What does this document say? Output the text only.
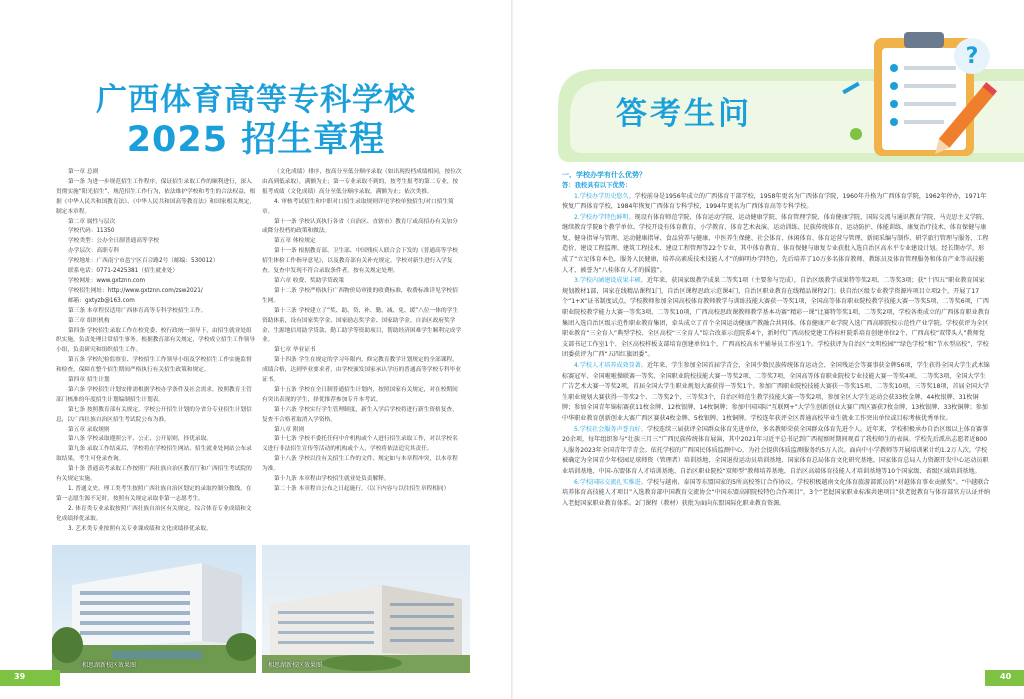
广西体育高等专科学校
2025 招生章程

第一章 总则

第一条 为进一步规范招生工作程序，保证招生录取工作的顺利进行，深入贯彻实施“阳光招生”，规范招生工作行为，依法维护学校和考生的合法权益，根据《中华人民共和国教育法》、《中华人民共和国高等教育法》和国家相关规定，制定本章程。

第二章 属性与层次

学校代码：11350

学校类型：公办全日制普通高等学校

办学层次：高职专科

学校地址：广西南宁市邕宁区百合路2号（邮编：530012）

联系电话：0771-2425381（招生就业处）

学校网址：www.gxtznn.com

学校招生网址：http://www.gxtznn.com/zsw2021/

邮箱：gxtyzb@163.com

第三条 本章程仅适用广西体育高等专科学校招生工作。

第三章 组织机构

第四条 学校招生录取工作在校党委、校行政统一领导下，由招生就业处组织实施，负责处理日常招生事务。根据教育部有关规定，学校成立招生工作领导小组，负责研究和组织招生工作。

第五条 学校纪检监察室、学校招生工作领导小组及学校招生工作实施监督和检查，保障在整个招生期间严格执行有关招生政策和规定。

第四章 招生计划

第六条 学校招生计划安排需根据学校办学条件及社会需求，按照教育主管部门核准的年度招生计划编制招生计划表。

第七条 按照教育部有关规定，学校公开招生计划的分省分专业招生计划信息，以广西壮族自治区招生考试院公布为准。

第五章 录取规则

第八条 学校录取遵照公平、公正、公开原则，择优录取。

第九条 录取工作结束后，学校将在学校招生网站、招生就业处网站公布录取结果，考生可登录查询。

第十条 普通高考录取工作按照广西壮族自治区教育厅和广西招生考试院的有关规定实施。

1. 普通文史、理工类考生按照广西壮族自治区划定的录取控制分数线，在第一志愿生源不足时，按照有关规定录取非第一志愿考生。

2. 体育类专业录取按照广西壮族自治区有关规定，综合体育专业成绩和文化成绩择优录取。

3. 艺术类专业按照有关专业课成绩和文化成绩择优录取。

（文化成绩）排序，按高分至低分顺序录取（如出现投档成绩相同，按位次由高到低录取），满额为止；第一专业录取不到的，按考生报考的第二专业，按报考成绩（文化成绩）高分至低分顺序录取，满额为止；依次类推。

4. 审核考试招生和中职对口招生录取规则详见学校单独招生/对口招生简章。

第十一条 学校认真执行各省（自治区、直辖市）教育厅或高招办有关加分或降分投档的政策和做法。

第五章 体检规定

第十一条 根据教育部、卫生部、中国残疾人联合会下发的《普通高等学校招生体检工作指导意见》，以及教育部有关补充规定，学校对新生进行入学复查。复查中发现不符合录取条件者，按有关规定处理。

第六章 收费、奖助学贷政策

第十二条 学校严格执行广西物价局审批的收费标准，收费标准详见学校招生网。

第十三条 学校建立了“奖、助、贷、补、勤、减、免、缓”八位一体的学生资助体系，设有国家奖学金、国家励志奖学金、国家助学金、自治区政府奖学金、生源地信用助学贷款、勤工助学等资助项目，帮助经济困难学生顺利完成学业。

第七章 毕业证书

第十四条 学生在规定的学习年限内，修完教育教学计划规定的全部课程，成绩合格，达到毕业要求者，由学校颁发国家承认学历的普通高等学校专科毕业证书。

第十五条 学校在全日制普通招生计划内，按照国家有关规定，对在校期间有突出表现的学生，择优推荐参加专升本考试。

第十六条 学校实行学生管理制度，新生入学后学校将进行新生资格复查，复查不合格者取消入学资格。

第八章 附则

第十七条 学校不委托任何中介机构或个人进行招生录取工作，对以学校名义进行非法招生宣传等活动的机构或个人，学校将依法追究其责任。

第十八条 学校以往有关招生工作的文件、规定如与本章程冲突，以本章程为准。

第十九条 本章程由学校招生就业处负责解释。

第二十条 本章程自公布之日起施行。（以下内容与以往招生章程相同）

相思湖新校区效果图	相思湖新校区效果图
39
答考生问
?
一、学校办学有什么优势？
答：我校具有以下优势：

1.学校办学历史悠久。学校前身是1956年成立的广西体育干部学校，1958年更名为广西体育学院，1960年升格为广西体育学院，1962年停办，1971年恢复广西体育学校，1984年恢复广西体育专科学校，1994年更名为广西体育高等专科学校。

2.学校办学特色鲜明。现设有体育师范学院、体育运动学院、运动健康学院、体育管理学院、体育健康学院、国际交流与通识教育学院、马克思主义学院、继续教育学院8个教学单位。学校开设有体育教育、小学教育、体育艺术表演、运动训练、民族传统体育、运动防护、体能训练、康复治疗技术、体育保健与康复、健身指导与管理、运动健康指导、食品营养与健康、中医养生保健、社会体育、休闲体育、体育运营与管理、新闻采编与制作、研学旅行管理与服务、工程造价、建设工程监理、建筑工程技术、建设工程管理等22个专业，其中体育教育、体育保健与康复专业获批入选自治区高水平专业建设计划。经长期办学，形成了“立足体育本色，服务人民健康，培养高素质技术技能人才”的鲜明办学特色，先后培养了10万多名体育教师、教练员及体育管理服务和体育产业等高技能人才，被誉为“八桂体育人才的摇篮”。

3.学校内涵建设成果丰硕。近年来，获国家级教学成果二等奖1项（主要参与完成），自治区级教学成果特等奖2项、二等奖3项；获“十四五”职业教育国家规划教材1部，国家在线精品课程1门，自治区课程思政示范课4门，自治区职业教育在线精品课程2门；获自治区级专业教学资源库项目立项2个，开展了17个“1+X”证书制度试点。学校教师参加全国高校体育教师教学与训练技能大赛获一等奖1项，全国高等体育职业院校教学技能大赛一等奖5项、二等奖6项，广西职业院校教学能力大赛一等奖3项、二等奖10项，广西高校思政课教师教学基本功赛“精彩一课”比赛特等奖1项、二等奖2项，学校各类成立的广西体育职业教育集团入选自治区级示范性职业教育集团，牵头成立了首个全国运动健康产教融合共同体。体育健康产业学院入选广西高职院校示范性产业学院。学校获评为全区职业教育“三全育人”典型学校、全区高校“三全育人”综合改革示范院系4个，新时代广西高校党建工作标杆院系培育创建单位2个、广西高校“双带头人”教师党支部书记工作室1个、全区高校样板支部培育创建单位1个、广西高校高水平辅导员工作室1个。学校获评为自治区“文明校园”“绿色学校”和“节水型高校”，学校团委获评为广西“五四红旗团委”。

4.学校人才培养成效显著。近年来，学生参加全国首届学青会、全国少数民族传统体育运动会、全国残运会等赛事获金牌56项，学生获得全国大学生武术锦标赛冠军、全国啦啦操联赛一等奖、全国职业院校技能大赛一等奖2项、二等奖7项，全国高等体育职业院校专业技能大赛一等奖4项、二等奖3项，全国大学生广告艺术大赛一等奖2项，首届全国大学生职业规划大赛获得一等奖1个。参加广西职业院校技能大赛获一等奖15项、二等奖10项、三等奖18项，首届全国大学生职业规划大赛获得一等奖2个、二等奖2个、三等奖3个，自治区师范生教学技能大赛一等奖2项，参加全区大学生运动会获33枚金牌、44枚银牌、31枚铜牌；参加全国青年锦标赛获11枚金牌、12枚银牌、14枚铜牌；参加中国国际“互联网+”大学生创新创业大赛广西区赛获7枚金牌、13枚银牌、33枚铜牌；参加中华职业教育创新创业大赛广西区赛获4枚金牌、5枚银牌、1枚铜牌。学校连年获评全区普通高校毕业生就业工作突出单位或目标考核优秀单位。

5.学校社会服务声誉良好。学校连续三届获评全国群众体育先进单位，多名教师荣获全国群众体育先进个人。近年来，学校积极承办自治区级以上体育赛事20余项，每年组织参与“壮族三月三”广西民族传统体育展演，其中2021年习近平总书记到广西视察时期间观看了我校师生的表演。学校先后派出志愿者近800人服务2023年全国青年学青会。依托学校的广西国民体质监测中心，为社会提供体质监测服务约5万人次。面向中小学教师等开展培训累计约1.2万人次。学校被确定为全国青少年校园足球师资（管理者）培训基地、全国退役运动员培训基地、国家体育总局体育文化研究基地、国家体育总局人力资源开发中心运动员职业培训基地、中国-东盟体育人才培训基地、自治区职业院校“双师型”教师培养基地、自治区高端体育技能人才培训基地等10个国家级、省级区域培训基地。

6.学校国际交流扎实推进。学校与越南、泰国等东盟国家的5所高校签订合作协议。学校积极越南文化体育旅游部派员的“对越体育事业贡献奖”。“中越联合培养体育高技能人才项目”入选教育部中国教育交流协会“中国东盟高职院校特色合作项目”，3个“老挝国家职业标准共建项目”获老挝教育与体育部官方认证并纳入老挝国家职业教育体系。2门课程（教材）获批为面向东盟国际化职业教育资源。

40
